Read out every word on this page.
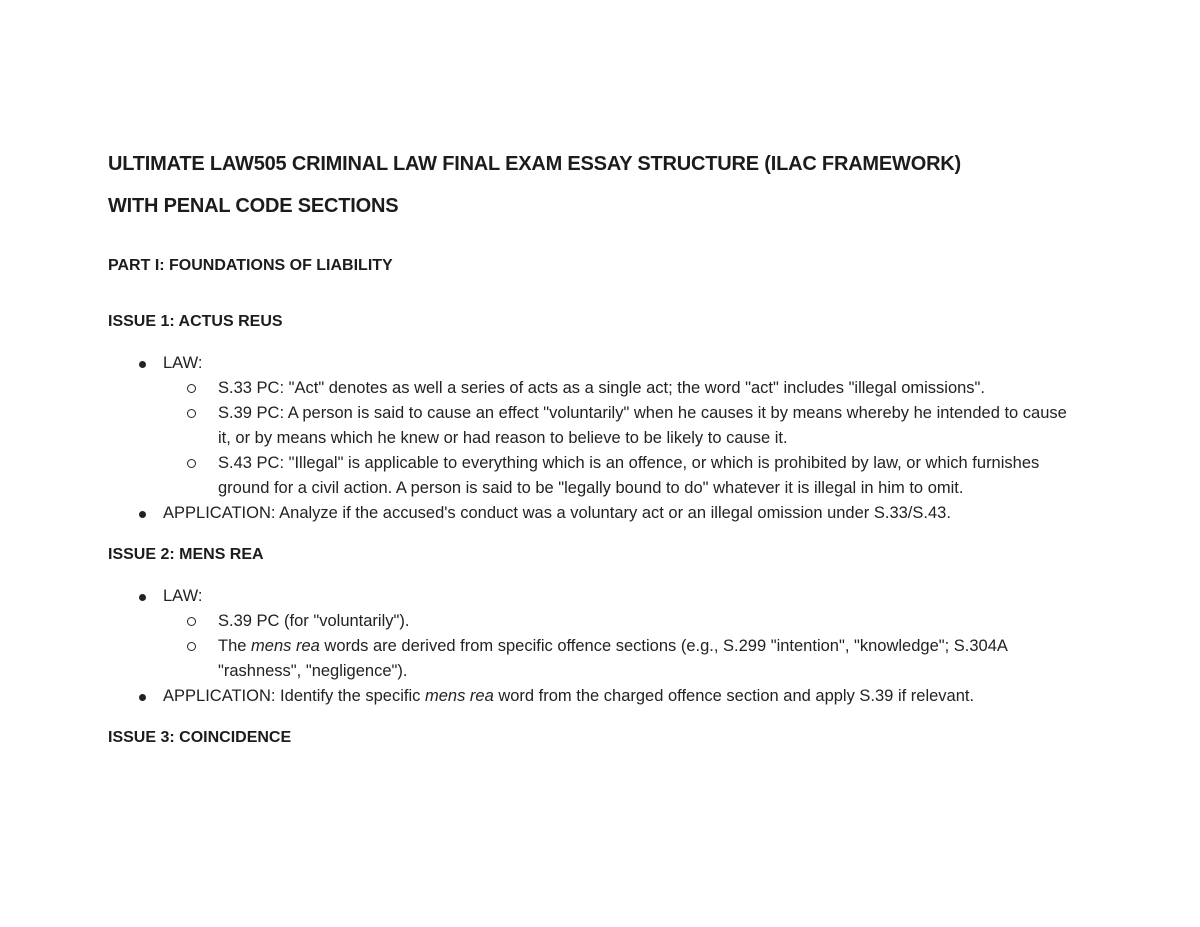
ULTIMATE LAW505 CRIMINAL LAW FINAL EXAM ESSAY STRUCTURE (ILAC FRAMEWORK)
WITH PENAL CODE SECTIONS
PART I: FOUNDATIONS OF LIABILITY
ISSUE 1: ACTUS REUS
LAW:
S.33 PC: "Act" denotes as well a series of acts as a single act; the word "act" includes "illegal omissions".
S.39 PC: A person is said to cause an effect "voluntarily" when he causes it by means whereby he intended to cause it, or by means which he knew or had reason to believe to be likely to cause it.
S.43 PC: "Illegal" is applicable to everything which is an offence, or which is prohibited by law, or which furnishes ground for a civil action. A person is said to be "legally bound to do" whatever it is illegal in him to omit.
APPLICATION: Analyze if the accused's conduct was a voluntary act or an illegal omission under S.33/S.43.
ISSUE 2: MENS REA
LAW:
S.39 PC (for "voluntarily").
The mens rea words are derived from specific offence sections (e.g., S.299 "intention", "knowledge"; S.304A "rashness", "negligence").
APPLICATION: Identify the specific mens rea word from the charged offence section and apply S.39 if relevant.
ISSUE 3: COINCIDENCE
